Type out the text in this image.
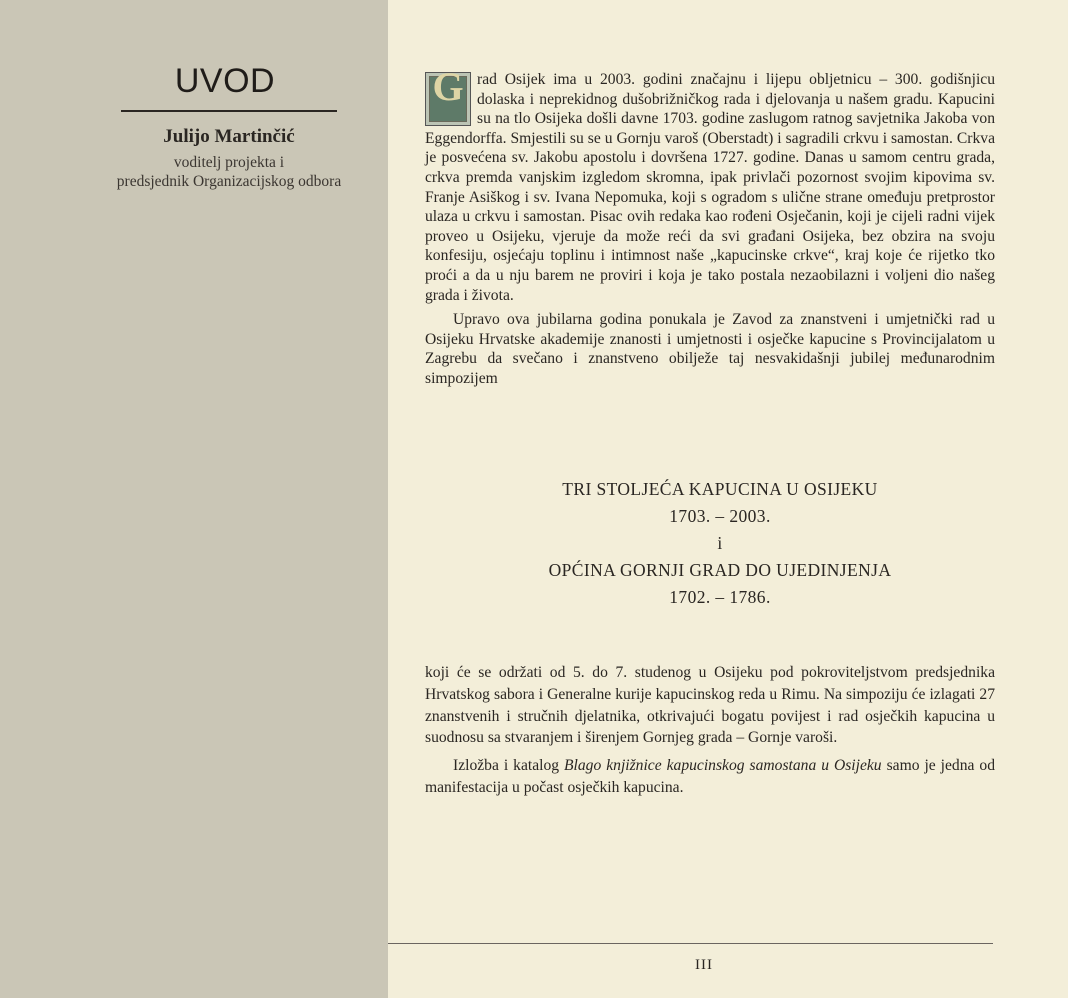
UVOD
Julijo Martinčić
voditelj projekta i
predsjednik Organizacijskog odbora

G rad Osijek ima u 2003. godini značajnu i lijepu obljetnicu – 300. godišnjicu dolaska i neprekidnog dušobrižničkog rada i djelovanja u našem gradu. Kapucini su na tlo Osijeka došli davne 1703. godine zaslugom ratnog savjetnika Jakoba von Eggendorffa. Smjestili su se u Gornju varoš (Oberstadt) i sagradili crkvu i samostan. Crkva je posvećena sv. Jakobu apostolu i dovršena 1727. godine. Danas u samom centru grada, crkva premda vanjskim izgledom skromna, ipak privlači pozornost svojim kipovima sv. Franje Asiškog i sv. Ivana Nepomuka, koji s ogradom s ulične strane omeđuju pretprostor ulaza u crkvu i samostan. Pisac ovih redaka kao rođeni Osječanin, koji je cijeli radni vijek proveo u Osijeku, vjeruje da može reći da svi građani Osijeka, bez obzira na svoju konfesiju, osjećaju toplinu i intimnost naše „kapucinske crkve“, kraj koje će rijetko tko proći a da u nju barem ne proviri i koja je tako postala nezaobilazni i voljeni dio našeg grada i života.

Upravo ova jubilarna godina ponukala je Zavod za znanstveni i umjetnički rad u Osijeku Hrvatske akademije znanosti i umjetnosti i osječke kapucine s Provincijalatom u Zagrebu da svečano i znanstveno obilježe taj nesvakidašnji jubilej međunarodnim simpozijem

TRI STOLJEĆA KAPUCINA U OSIJEKU
1703. – 2003.
i
OPĆINA GORNJI GRAD DO UJEDINJENJA
1702. – 1786.

koji će se održati od 5. do 7. studenog u Osijeku pod pokroviteljstvom predsjednika Hrvatskog sabora i Generalne kurije kapucinskog reda u Rimu. Na simpoziju će izlagati 27 znanstvenih i stručnih djelatnika, otkrivajući bogatu povijest i rad osječkih kapucina u suodnosu sa stvaranjem i širenjem Gornjeg grada – Gornje varoši.

Izložba i katalog Blago knjižnice kapucinskog samostana u Osijeku samo je jedna od manifestacija u počast osječkih kapucina.

III
